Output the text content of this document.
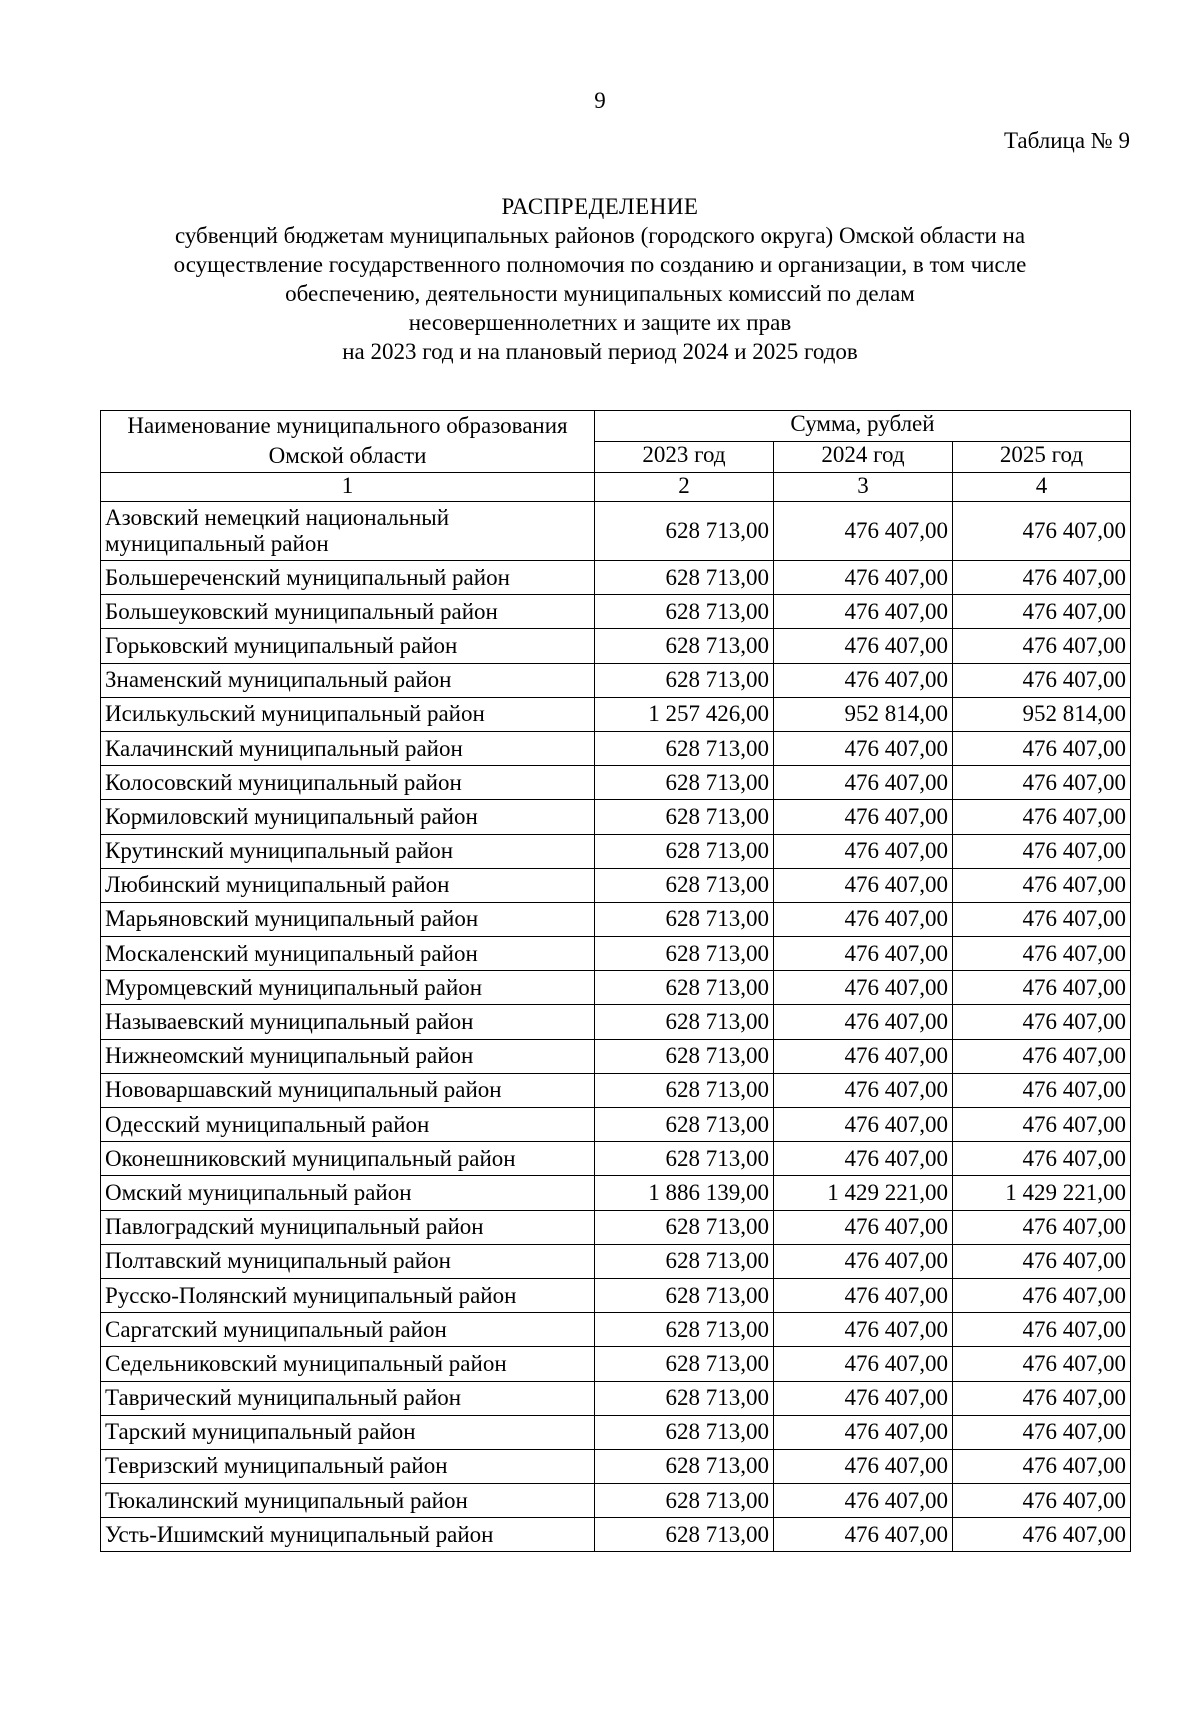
9
Таблица № 9
РАСПРЕДЕЛЕНИЕ
субвенций бюджетам муниципальных районов (городского округа) Омской области на
осуществление государственного полномочия по созданию и организации, в том числе
обеспечению, деятельности муниципальных комиссий по делам
несовершеннолетних и защите их прав
на 2023 год и на плановый период 2024 и 2025 годов
Наименование муниципального образования Омской области	Сумма, рублей		
	2023 год	2024 год	2025 год
1	2	3	4
Азовский немецкий национальный муниципальный район	628 713,00	476 407,00	476 407,00
Большереченский муниципальный район	628 713,00	476 407,00	476 407,00
Большеуковский муниципальный район	628 713,00	476 407,00	476 407,00
Горьковский муниципальный район	628 713,00	476 407,00	476 407,00
Знаменский муниципальный район	628 713,00	476 407,00	476 407,00
Исилькульский муниципальный район	1 257 426,00	952 814,00	952 814,00
Калачинский муниципальный район	628 713,00	476 407,00	476 407,00
Колосовский муниципальный район	628 713,00	476 407,00	476 407,00
Кормиловский муниципальный район	628 713,00	476 407,00	476 407,00
Крутинский муниципальный район	628 713,00	476 407,00	476 407,00
Любинский муниципальный район	628 713,00	476 407,00	476 407,00
Марьяновский муниципальный район	628 713,00	476 407,00	476 407,00
Москаленский муниципальный район	628 713,00	476 407,00	476 407,00
Муромцевский муниципальный район	628 713,00	476 407,00	476 407,00
Называевский муниципальный район	628 713,00	476 407,00	476 407,00
Нижнеомский муниципальный район	628 713,00	476 407,00	476 407,00
Нововаршавский муниципальный район	628 713,00	476 407,00	476 407,00
Одесский муниципальный район	628 713,00	476 407,00	476 407,00
Оконешниковский муниципальный район	628 713,00	476 407,00	476 407,00
Омский муниципальный район	1 886 139,00	1 429 221,00	1 429 221,00
Павлоградский муниципальный район	628 713,00	476 407,00	476 407,00
Полтавский муниципальный район	628 713,00	476 407,00	476 407,00
Русско-Полянский муниципальный район	628 713,00	476 407,00	476 407,00
Саргатский муниципальный район	628 713,00	476 407,00	476 407,00
Седельниковский муниципальный район	628 713,00	476 407,00	476 407,00
Таврический муниципальный район	628 713,00	476 407,00	476 407,00
Тарский муниципальный район	628 713,00	476 407,00	476 407,00
Тевризский муниципальный район	628 713,00	476 407,00	476 407,00
Тюкалинский муниципальный район	628 713,00	476 407,00	476 407,00
Усть-Ишимский муниципальный район	628 713,00	476 407,00	476 407,00
